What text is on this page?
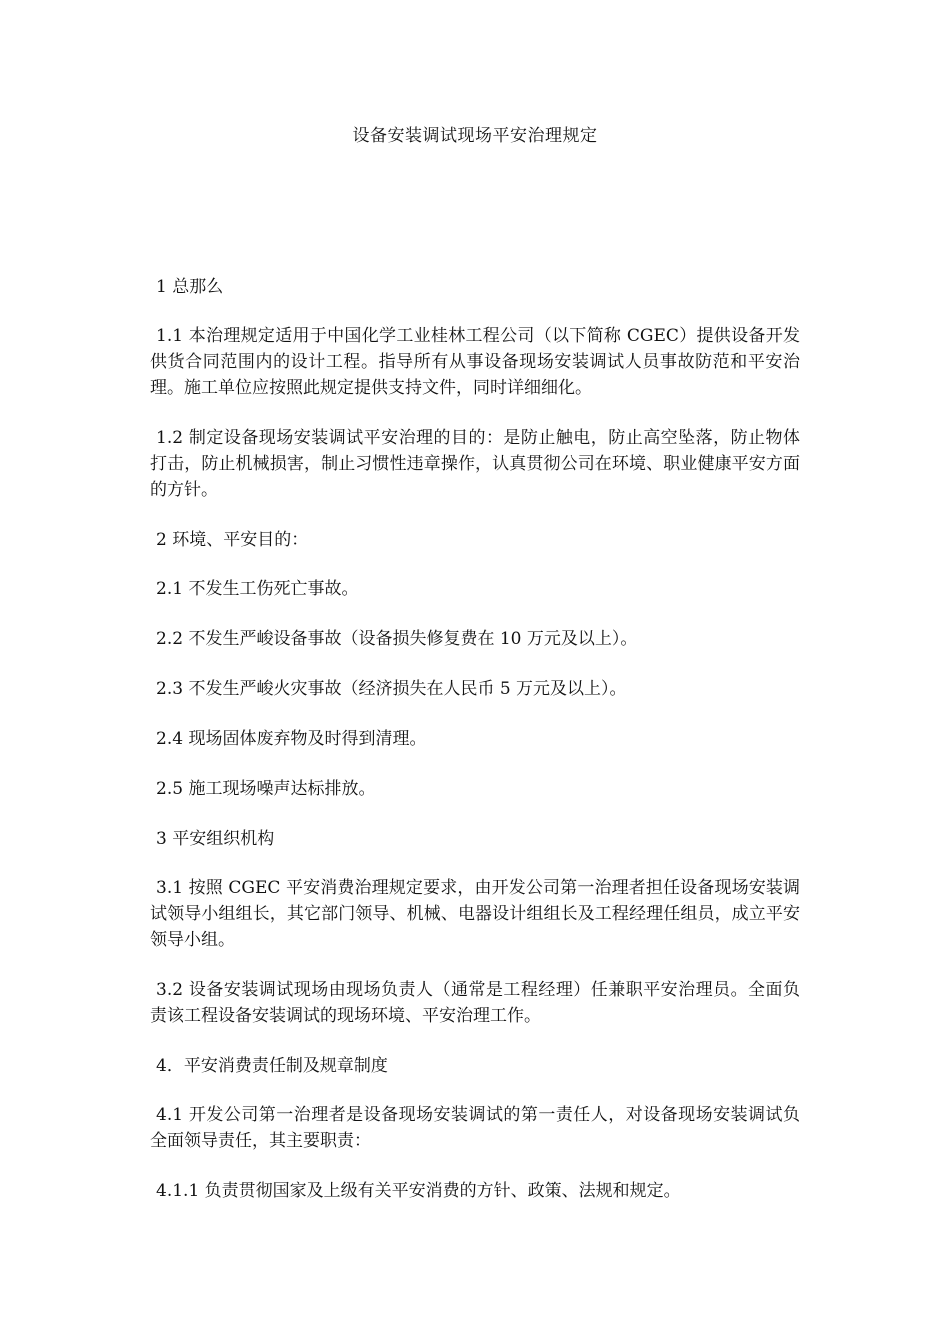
设备安装调试现场平安治理规定

1 总那么

1.1 本治理规定适用于中国化学工业桂林工程公司（以下简称 CGEC）提供设备开发供货合同范围内的设计工程。指导所有从事设备现场安装调试人员事故防范和平安治理。施工单位应按照此规定提供支持文件，同时详细细化。

1.2 制定设备现场安装调试平安治理的目的：是防止触电，防止高空坠落，防止物体打击，防止机械损害，制止习惯性违章操作，认真贯彻公司在环境、职业健康平安方面的方针。

2 环境、平安目的：

2.1 不发生工伤死亡事故。

2.2 不发生严峻设备事故（设备损失修复费在 10 万元及以上）。

2.3 不发生严峻火灾事故（经济损失在人民币 5 万元及以上）。

2.4 现场固体废弃物及时得到清理。

2.5 施工现场噪声达标排放。

3 平安组织机构

3.1 按照 CGEC 平安消费治理规定要求，由开发公司第一治理者担任设备现场安装调试领导小组组长，其它部门领导、机械、电器设计组组长及工程经理任组员，成立平安领导小组。

3.2 设备安装调试现场由现场负责人（通常是工程经理）任兼职平安治理员。全面负责该工程设备安装调试的现场环境、平安治理工作。

4．平安消费责任制及规章制度

4.1 开发公司第一治理者是设备现场安装调试的第一责任人，对设备现场安装调试负全面领导责任，其主要职责：

4.1.1 负责贯彻国家及上级有关平安消费的方针、政策、法规和规定。
